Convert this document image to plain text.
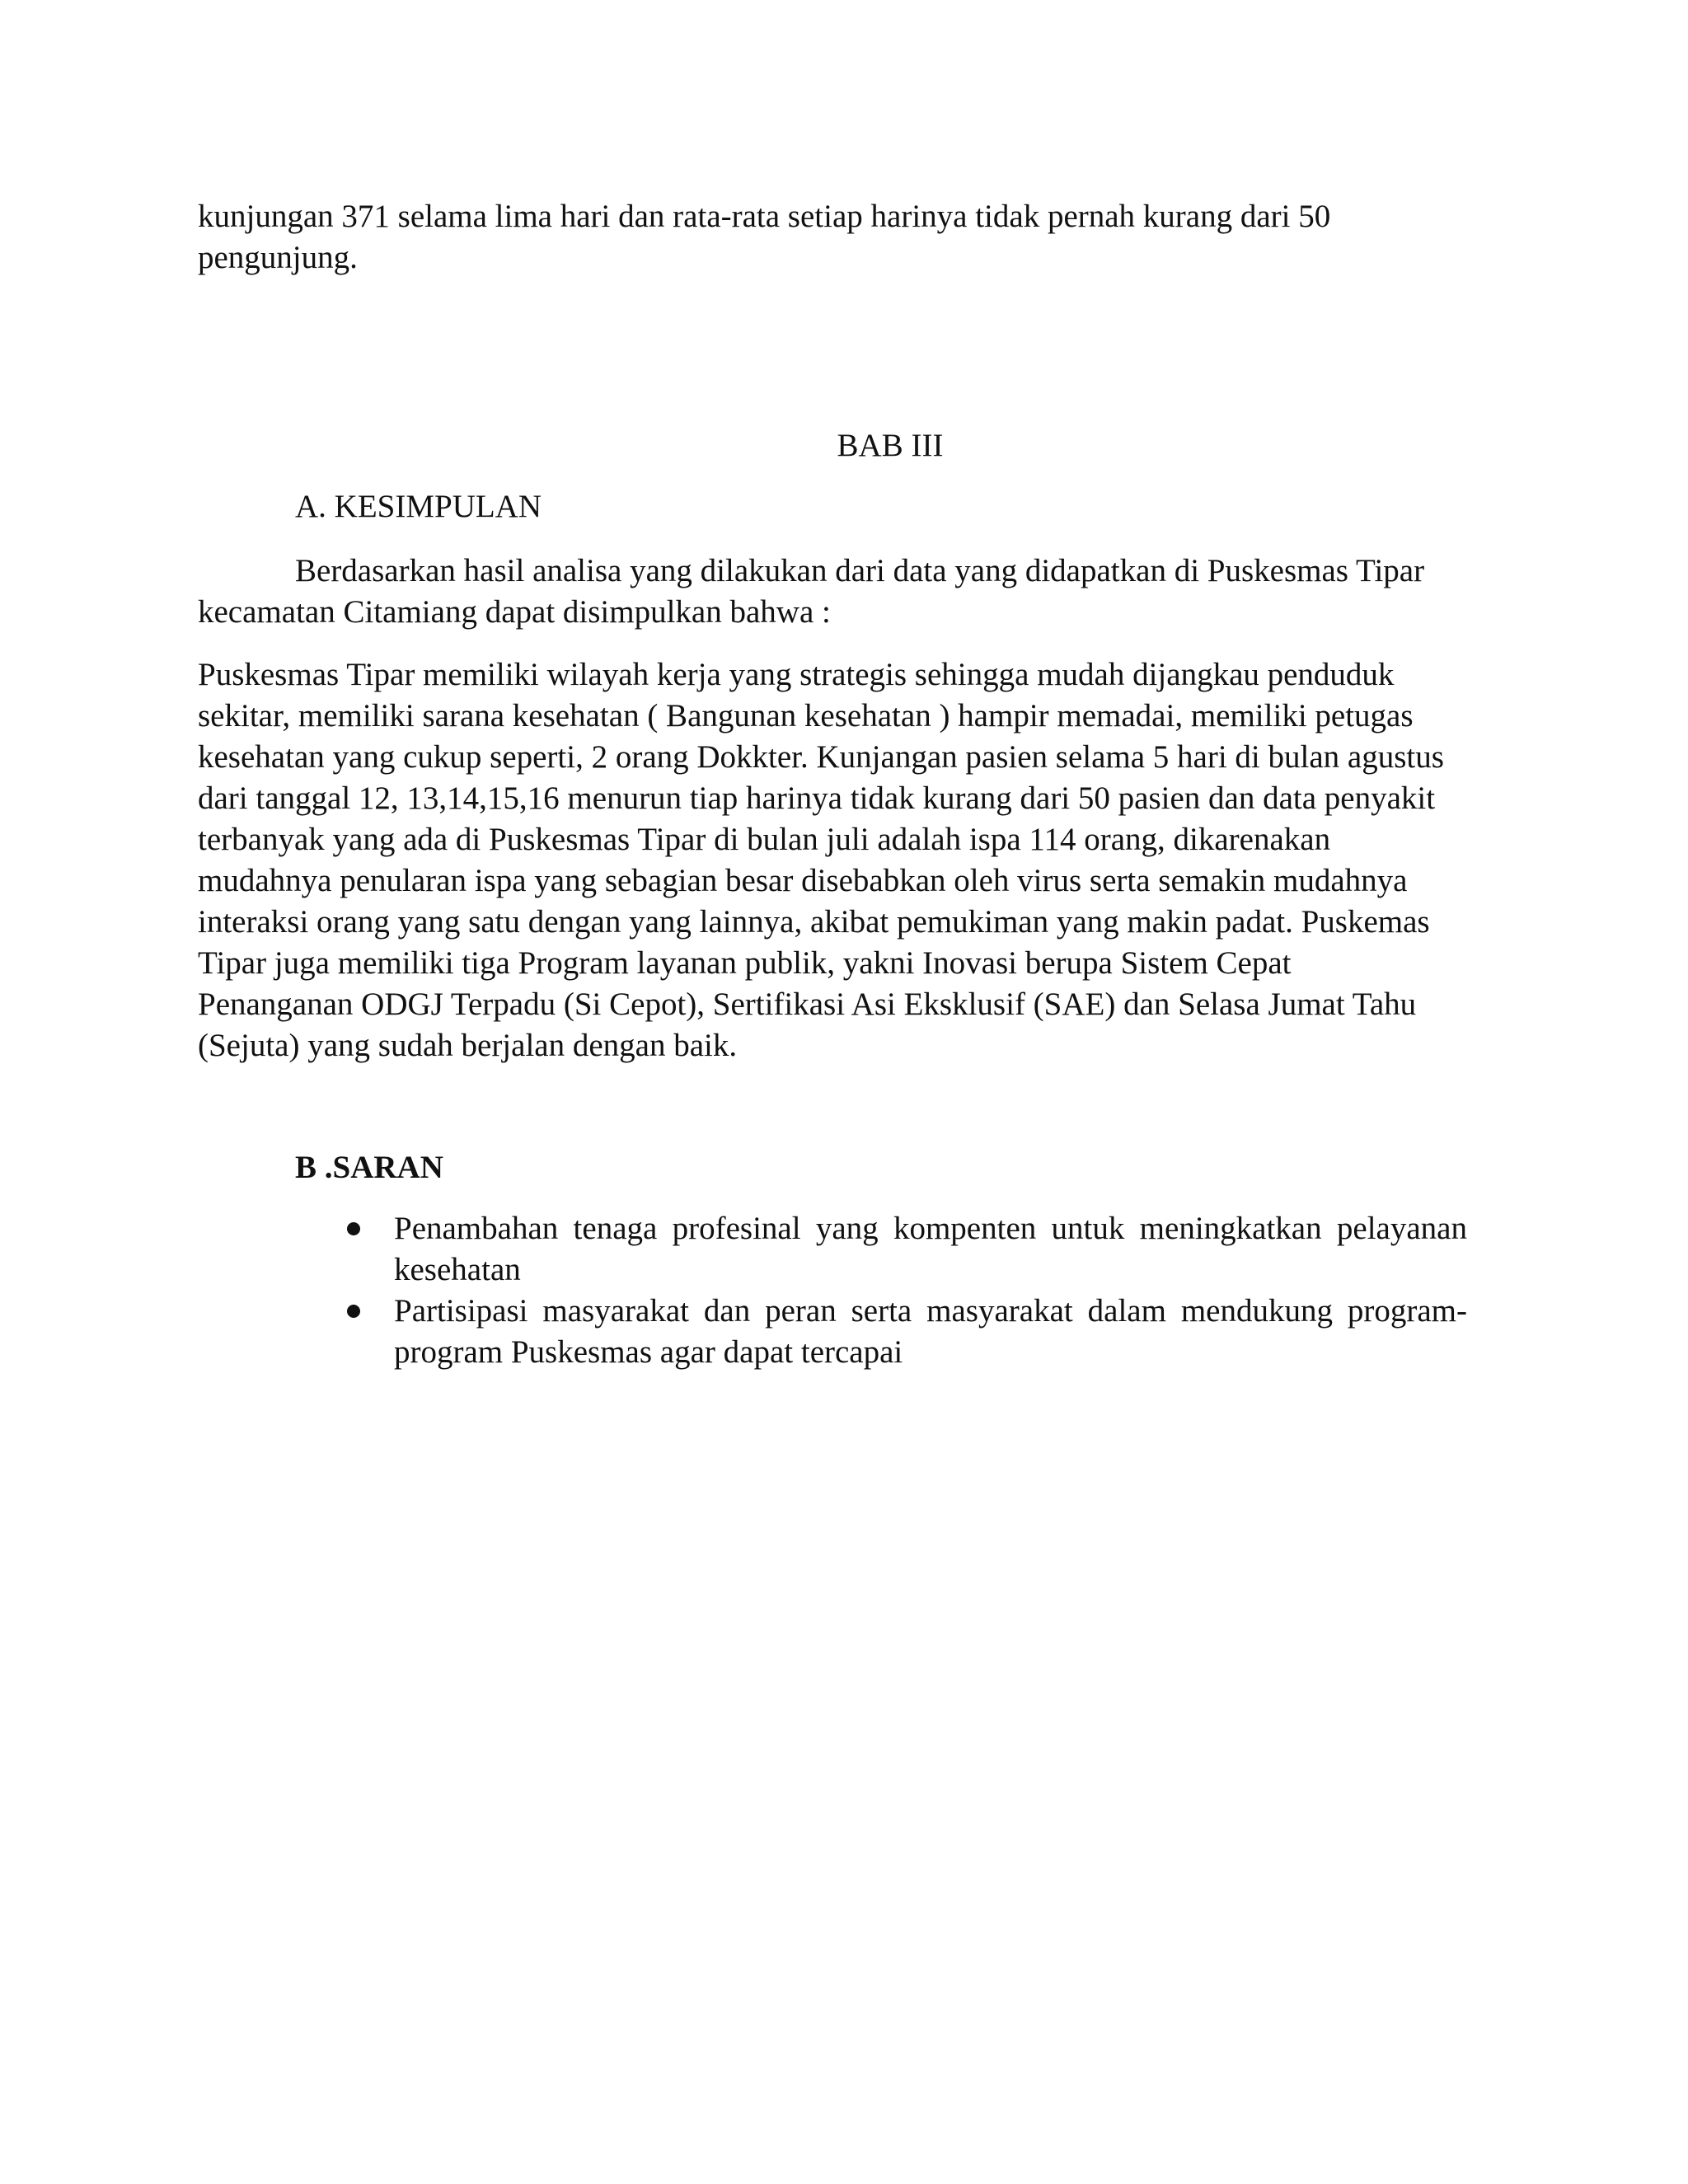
kunjungan 371 selama lima hari dan rata-rata setiap harinya tidak pernah kurang dari 50
pengunjung.
BAB III
A. KESIMPULAN
Berdasarkan hasil analisa yang dilakukan dari data yang didapatkan di Puskesmas Tipar
kecamatan Citamiang dapat disimpulkan bahwa :
Puskesmas Tipar memiliki wilayah kerja yang strategis sehingga mudah dijangkau penduduk
sekitar, memiliki sarana kesehatan ( Bangunan kesehatan ) hampir memadai, memiliki petugas
kesehatan yang cukup seperti, 2 orang Dokkter. Kunjangan pasien selama 5 hari di bulan agustus
dari tanggal 12, 13,14,15,16 menurun tiap harinya tidak kurang dari 50 pasien dan data penyakit
terbanyak yang ada di Puskesmas Tipar di bulan juli adalah ispa 114 orang, dikarenakan
mudahnya penularan ispa yang sebagian besar disebabkan oleh virus serta semakin mudahnya
interaksi orang yang satu dengan yang lainnya, akibat pemukiman yang makin padat. Puskemas
Tipar juga memiliki tiga Program layanan publik, yakni Inovasi berupa Sistem Cepat
Penanganan ODGJ Terpadu (Si Cepot), Sertifikasi Asi Eksklusif (SAE) dan Selasa Jumat Tahu
(Sejuta) yang sudah berjalan dengan baik.
B .SARAN
Penambahan tenaga profesinal yang kompenten untuk meningkatkan pelayanan
kesehatan
Partisipasi masyarakat dan peran serta masyarakat dalam mendukung program-
program Puskesmas agar dapat tercapai
